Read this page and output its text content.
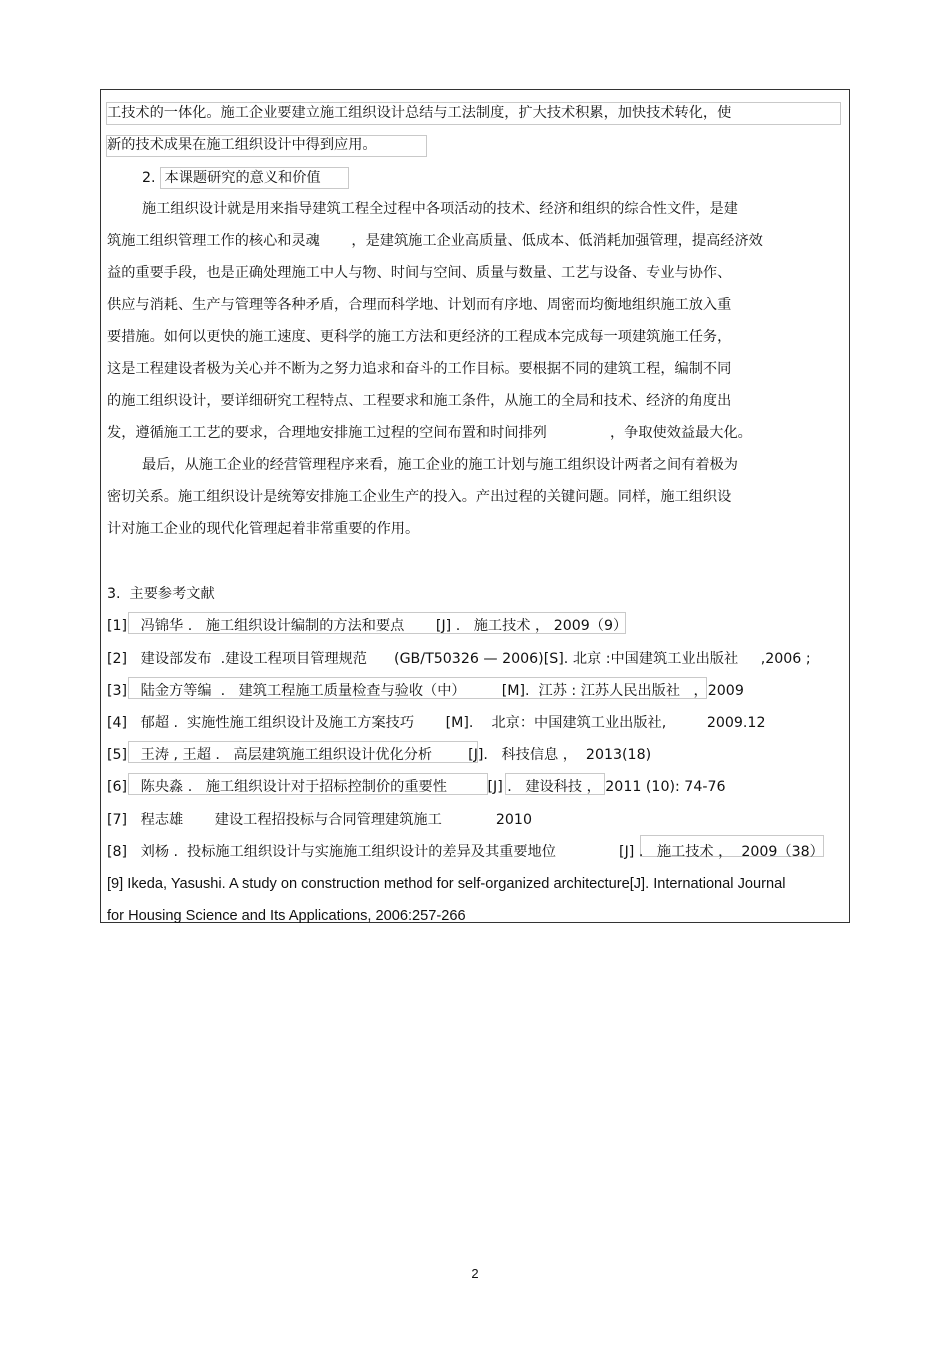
工技术的一体化。施工企业要建立施工组织设计总结与工法制度，扩大技术积累，加快技术转化，使
新的技术成果在施工组织设计中得到应用。
2.  本课题研究的意义和价值
施工组织设计就是用来指导建筑工程全过程中各项活动的技术、经济和组织的综合性文件，是建
筑施工组织管理工作的核心和灵魂       ，是建筑施工企业高质量、低成本、低消耗加强管理，提高经济效
益的重要手段，也是正确处理施工中人与物、时间与空间、质量与数量、工艺与设备、专业与协作、
供应与消耗、生产与管理等各种矛盾，合理而科学地、计划而有序地、周密而均衡地组织施工放入重
要措施。如何以更快的施工速度、更科学的施工方法和更经济的工程成本完成每一项建筑施工任务，
这是工程建设者极为关心并不断为之努力追求和奋斗的工作目标。要根据不同的建筑工程，编制不同
的施工组织设计，要详细研究工程特点、工程要求和施工条件，从施工的全局和技术、经济的角度出
发，遵循施工工艺的要求，合理地安排施工过程的空间布置和时间排列              ，争取使效益最大化。
最后，从施工企业的经营管理程序来看，施工企业的施工计划与施工组织设计两者之间有着极为
密切关系。施工组织设计是统筹安排施工企业生产的投入。产出过程的关键问题。同样，施工组织设
计对施工企业的现代化管理起着非常重要的作用。
3.  主要参考文献
[1]   冯锦华 .   施工组织设计编制的方法和要点       [J] .   施工技术 ， 2009（9）
[2]   建设部发布  .建设工程项目管理规范      (GB/T50326 — 2006)[S]. 北京 :中国建筑工业出版社     ,2006 ;
[3]   陆金方等编  .   建筑工程施工质量检查与验收（中）        [M].  江苏 : 江苏人民出版社   ，2009
[4]   郁超 .  实施性施工组织设计及施工方案技巧       [M].    北京：中国建筑工业出版社,         2009.12
[5]   王涛 , 王超 .   高层建筑施工组织设计优化分析        [J].   科技信息 ，  2013(18)
[6]   陈央淼 .   施工组织设计对于招标控制价的重要性         [J] .   建设科技 ， 2011 (10): 74-76
[7]   程志雄       建设工程招投标与合同管理建筑施工            2010
[8]   刘杨 .  投标施工组织设计与实施施工组织设计的差异及其重要地位              [J] .   施工技术 ，  2009（38）
[9] Ikeda, Yasushi. A study on construction method for self-organized architecture[J]. International Journal
for Housing Science and Its Applications, 2006:257-266
2
